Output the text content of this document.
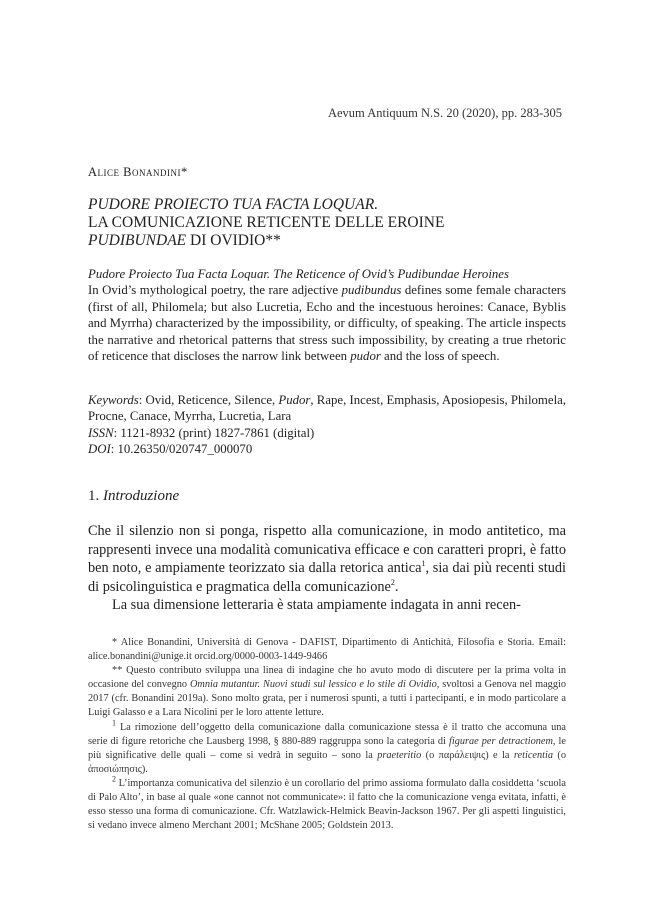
Aevum Antiquum N.S. 20 (2020), pp. 283-305
Alice Bonandini*
PUDORE PROIECTO TUA FACTA LOQUAR.
LA COMUNICAZIONE RETICENTE DELLE EROINE
PUDIBUNDAE DI OVIDIO**
Pudore Proiecto Tua Facta Loquar. The Reticence of Ovid’s Pudibundae Heroines
In Ovid’s mythological poetry, the rare adjective pudibundus defines some female characters (first of all, Philomela; but also Lucretia, Echo and the incestuous heroines: Canace, Byblis and Myrrha) characterized by the impossibility, or difficulty, of speaking. The article inspects the narrative and rhetorical patterns that stress such impossibility, by creating a true rhetoric of reticence that discloses the narrow link between pudor and the loss of speech.
Keywords: Ovid, Reticence, Silence, Pudor, Rape, Incest, Emphasis, Aposiopesis, Philomela, Procne, Canace, Myrrha, Lucretia, Lara
ISSN: 1121-8932 (print) 1827-7861 (digital)
DOI: 10.26350/020747_000070
1. Introduzione

Che il silenzio non si ponga, rispetto alla comunicazione, in modo antitetico, ma rappresenti invece una modalità comunicativa efficace e con caratteri propri, è fatto ben noto, e ampiamente teorizzato sia dalla retorica antica$^1$, sia dai più recenti studi di psicolinguistica e pragmatica della comunicazione$^2$.

La sua dimensione letteraria è stata ampiamente indagata in anni recen-

* Alice Bonandini, Università di Genova - DAFIST, Dipartimento di Antichità, Filosofia e Storia. Email: alice.bonandini@unige.it orcid.org/0000-0003-1449-9466

** Questo contributo sviluppa una linea di indagine che ho avuto modo di discutere per la prima volta in occasione del convegno Omnia mutantur. Nuovi studi sul lessico e lo stile di Ovidio, svoltosi a Genova nel maggio 2017 (cfr. Bonandini 2019a). Sono molto grata, per i numerosi spunti, a tutti i partecipanti, e in modo particolare a Luigi Galasso e a Lara Nicolini per le loro attente letture.

$^1$ La rimozione dell’oggetto della comunicazione dalla comunicazione stessa è il tratto che accomuna una serie di figure retoriche che Lausberg 1998, § 880-889 raggruppa sono la categoria di figurae per detractionem, le più significative delle quali – come si vedrà in seguito – sono la praeteritio (o παράλειψις) e la reticentia (o ἀποσιώπησις).

$^2$ L’importanza comunicativa del silenzio è un corollario del primo assioma formulato dalla cosiddetta ‘scuola di Palo Alto’, in base al quale «one cannot not communicate»: il fatto che la comunicazione venga evitata, infatti, è esso stesso una forma di comunicazione. Cfr. Watzlawick-Helmick Beavin-Jackson 1967. Per gli aspetti linguistici, si vedano invece almeno Merchant 2001; McShane 2005; Goldstein 2013.
